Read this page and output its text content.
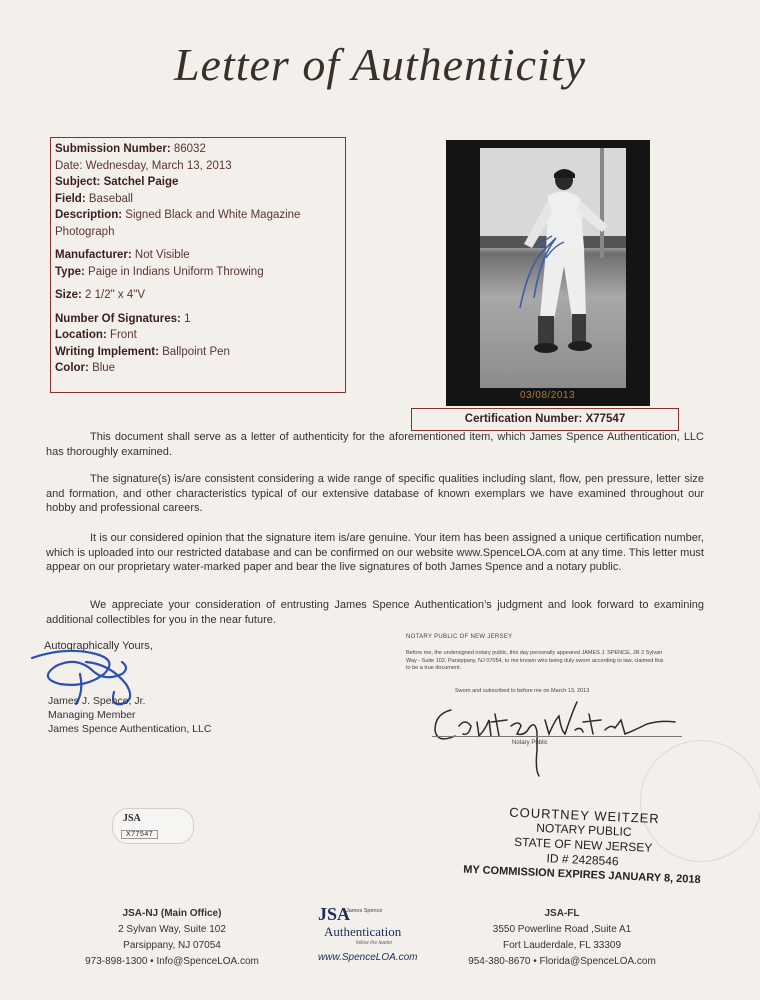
Letter of Authenticity
Submission Number: 86032
Date: Wednesday, March 13, 2013
Subject: Satchel Paige
Field: Baseball
Description: Signed Black and White Magazine Photograph
Manufacturer: Not Visible
Type: Paige in Indians Uniform Throwing
Size: 2 1/2" x 4"V
Number Of Signatures: 1
Location: Front
Writing Implement: Ballpoint Pen
Color: Blue
03/08/2013
Certification Number: X77547
This document shall serve as a letter of authenticity for the aforementioned item, which James Spence Authentication, LLC has thoroughly examined.
The signature(s) is/are consistent considering a wide range of specific qualities including slant, flow, pen pressure, letter size and formation, and other characteristics typical of our extensive database of known exemplars we have examined throughout our hobby and professional careers.
It is our considered opinion that the signature item is/are genuine. Your item has been assigned a unique certification number, which is uploaded into our restricted database and can be confirmed on our website www.SpenceLOA.com at any time. This letter must appear on our proprietary water-marked paper and bear the live signatures of both James Spence and a notary public.
We appreciate your consideration of entrusting James Spence Authentication’s judgment and look forward to examining additional collectibles for you in the near future.
Autographically Yours,
James J. Spence, Jr.
Managing Member
James Spence Authentication, LLC
NOTARY PUBLIC OF NEW JERSEY
Before me, the undersigned notary public, this day personally appeared JAMES J. SPENCE, JR 2 Sylvan Way - Suite 102, Parsippany, NJ 07054, to me known who being duly sworn according to law, claimed this to be a true document.
Sworn and subscribed to before me on March 13, 2013
Notary Public
COURTNEY WEITZER
NOTARY PUBLIC
STATE OF NEW JERSEY
ID # 2428546
MY COMMISSION EXPIRES JANUARY 8, 2018
JSA
X77547
JSA-NJ (Main Office)
2 Sylvan Way, Suite 102
Parsippany, NJ 07054
973-898-1300 • Info@SpenceLOA.com
JSA
James Spence
Authentication
follow the leader
www.SpenceLOA.com
JSA-FL
3550 Powerline Road ,Suite A1
Fort Lauderdale, FL 33309
954-380-8670 • Florida@SpenceLOA.com
